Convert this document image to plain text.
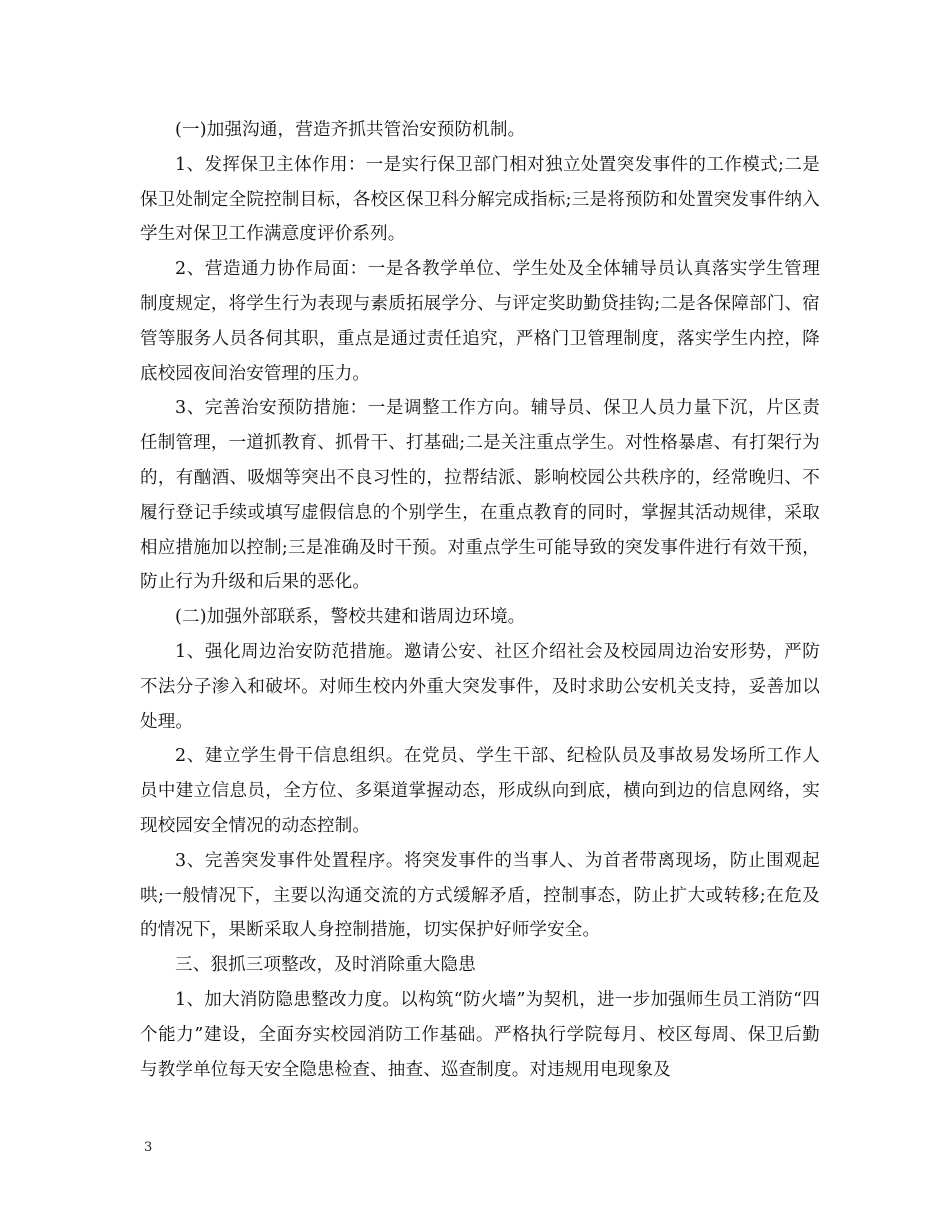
(一)加强沟通，营造齐抓共管治安预防机制。

1、发挥保卫主体作用：一是实行保卫部门相对独立处置突发事件的工作模式;二是保卫处制定全院控制目标，各校区保卫科分解完成指标;三是将预防和处置突发事件纳入学生对保卫工作满意度评价系列。

2、营造通力协作局面：一是各教学单位、学生处及全体辅导员认真落实学生管理制度规定，将学生行为表现与素质拓展学分、与评定奖助勤贷挂钩;二是各保障部门、宿管等服务人员各伺其职，重点是通过责任追究，严格门卫管理制度，落实学生内控，降底校园夜间治安管理的压力。

3、完善治安预防措施：一是调整工作方向。辅导员、保卫人员力量下沉，片区责任制管理，一道抓教育、抓骨干、打基础;二是关注重点学生。对性格暴虐、有打架行为的，有酗酒、吸烟等突出不良习性的，拉帮结派、影响校园公共秩序的，经常晚归、不履行登记手续或填写虚假信息的个别学生，在重点教育的同时，掌握其活动规律，采取相应措施加以控制;三是准确及时干预。对重点学生可能导致的突发事件进行有效干预，防止行为升级和后果的恶化。

(二)加强外部联系，警校共建和谐周边环境。

1、强化周边治安防范措施。邀请公安、社区介绍社会及校园周边治安形势，严防不法分子渗入和破坏。对师生校内外重大突发事件，及时求助公安机关支持，妥善加以处理。

2、建立学生骨干信息组织。在党员、学生干部、纪检队员及事故易发场所工作人员中建立信息员，全方位、多渠道掌握动态，形成纵向到底，横向到边的信息网络，实现校园安全情况的动态控制。

3、完善突发事件处置程序。将突发事件的当事人、为首者带离现场，防止围观起哄;一般情况下，主要以沟通交流的方式缓解矛盾，控制事态，防止扩大或转移;在危及的情况下，果断采取人身控制措施，切实保护好师学安全。

三、狠抓三项整改，及时消除重大隐患

1、加大消防隐患整改力度。以构筑“防火墙”为契机，进一步加强师生员工消防“四个能力”建设，全面夯实校园消防工作基础。严格执行学院每月、校区每周、保卫后勤与教学单位每天安全隐患检查、抽查、巡查制度。对违规用电现象及

3
